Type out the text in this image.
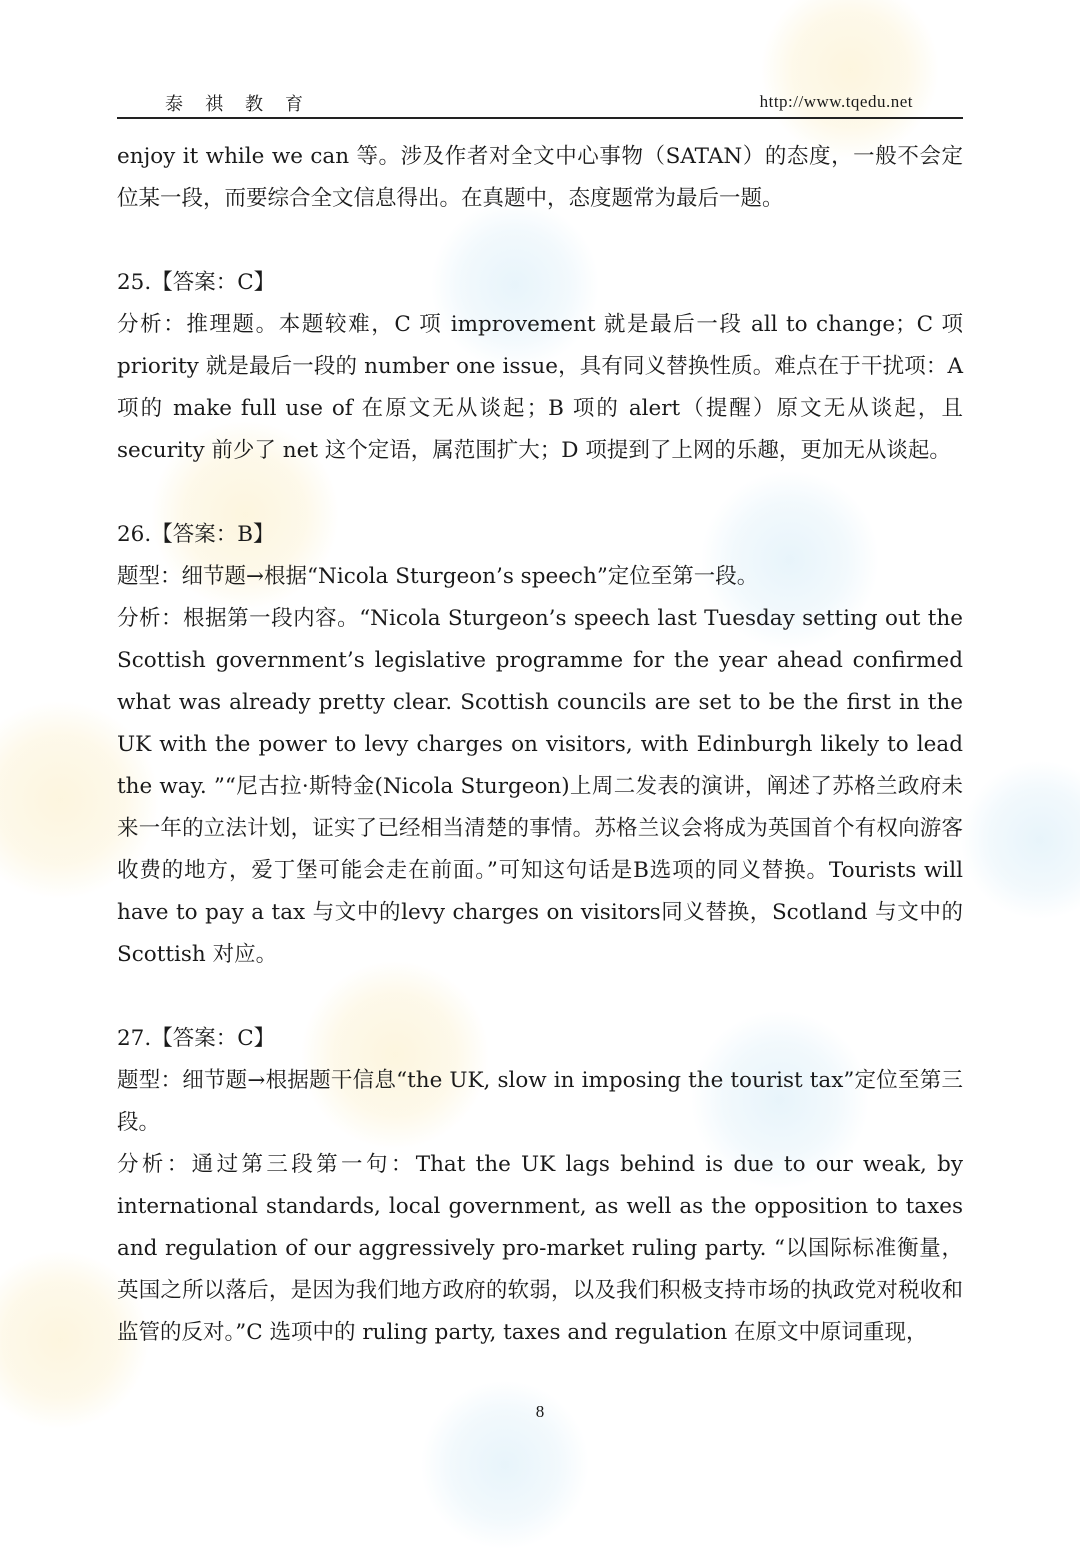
泰祺教育	http://www.tqedu.net

enjoy it while we can 等。涉及作者对全文中心事物（SATAN）的态度，一般不会定位某一段，而要综合全文信息得出。在真题中，态度题常为最后一题。

25.【答案：C】

分析：推理题。本题较难，C 项 improvement 就是最后一段 all to change；C 项 priority 就是最后一段的 number one issue，具有同义替换性质。难点在于干扰项：A 项的 make full use of 在原文无从谈起；B 项的 alert（提醒）原文无从谈起，且 security 前少了 net 这个定语，属范围扩大；D 项提到了上网的乐趣，更加无从谈起。

26.【答案：B】

题型：细节题→根据“Nicola Sturgeon’s speech”定位至第一段。

分析：根据第一段内容。“Nicola Sturgeon’s speech last Tuesday setting out the Scottish government’s legislative programme for the year ahead confirmed what was already pretty clear. Scottish councils are set to be the first in the UK with the power to levy charges on visitors, with Edinburgh likely to lead the way. ”“尼古拉·斯特金(Nicola Sturgeon)上周二发表的演讲，阐述了苏格兰政府未来一年的立法计划，证实了已经相当清楚的事情。苏格兰议会将成为英国首个有权向游客收费的地方，爱丁堡可能会走在前面。”可知这句话是B选项的同义替换。Tourists will have to pay a tax 与文中的levy charges on visitors同义替换，Scotland 与文中的 Scottish 对应。

27.【答案：C】

题型：细节题→根据题干信息“the UK, slow in imposing the tourist tax”定位至第三段。

分析：通过第三段第一句：That the UK lags behind is due to our weak, by international standards, local government, as well as the opposition to taxes and regulation of our aggressively pro-market ruling party. “以国际标准衡量，英国之所以落后，是因为我们地方政府的软弱，以及我们积极支持市场的执政党对税收和监管的反对。”C 选项中的 ruling party, taxes and regulation 在原文中原词重现，

8
